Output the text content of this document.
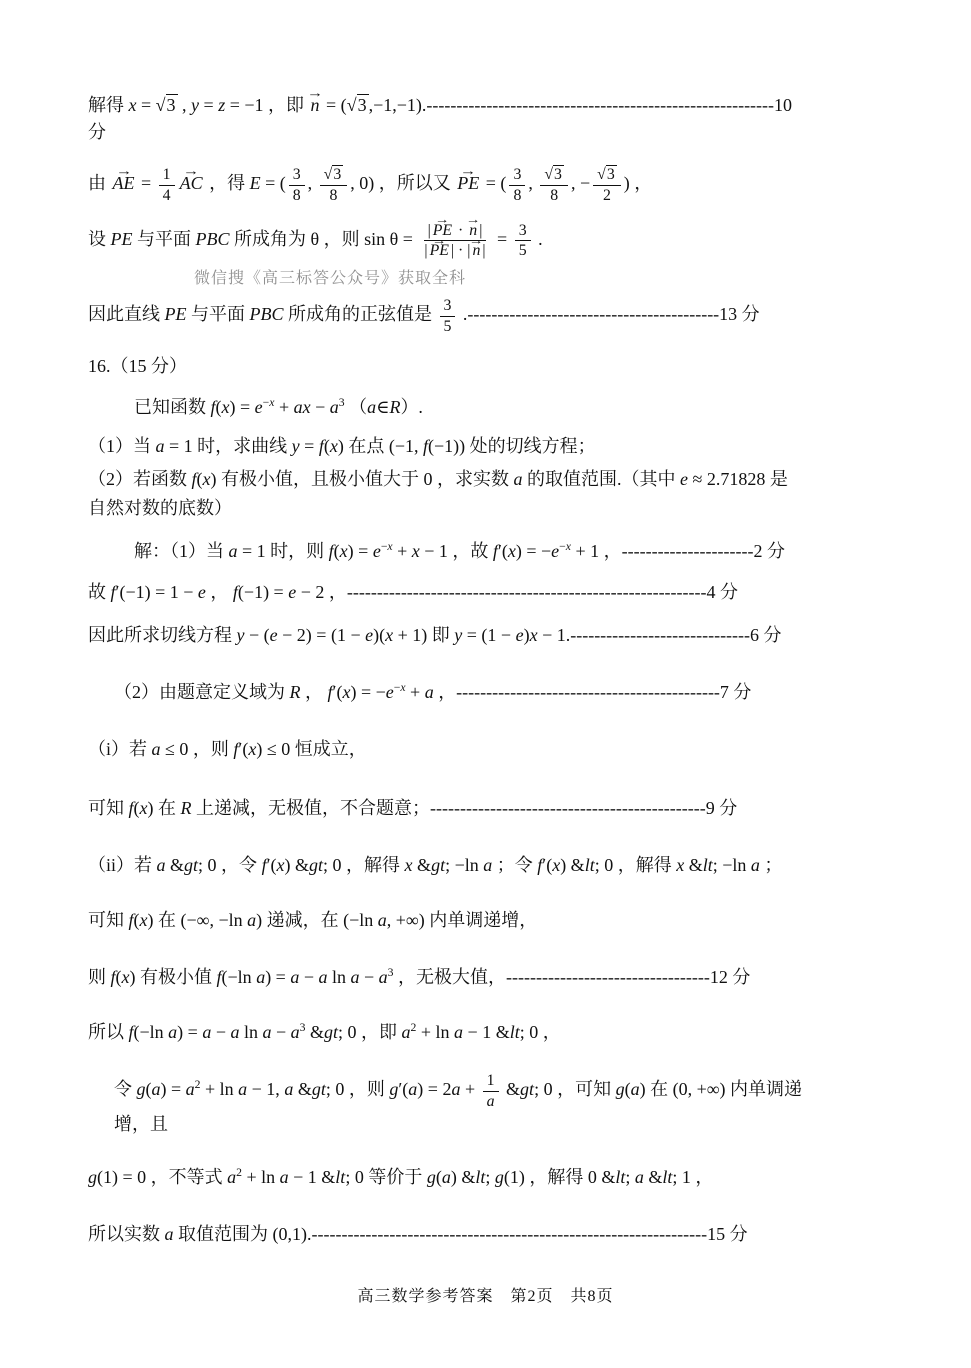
解得 x = √3 , y = z = −1 ，即 → n = (√3 ,−1,−1).----------------------------------------------------------10 分
由 → AE = $\frac{1}{4}$ → AC ，得 E = ( $\frac{3}{8}$ , $\frac{√3}{8}$ , 0) ，所以又 → PE = ( $\frac{3}{8}$ , $\frac{√3}{8}$ , − $\frac{√3}{2}$ ) ，
设 PE 与平面 PBC 所成角为 θ ，则 $\sin \theta = \frac{| \to PE \cdot \to n |}{| \to PE | \cdot | \to n |} = \frac{3}{5}$ .
微信搜《高三标答公众号》获取全科
因此直线 PE 与平面 PBC 所成角的正弦值是 $\frac{3}{5} .------------------------------------------13$ 分
16.（15 分）
已知函数 $f(x) = e^{-x}$ + ax − $a^3$ （a∈R）.
（1）当 a = 1 时，求曲线 y = f(x) 在点 (−1, f(−1)) 处的切线方程；
（2）若函数 f(x) 有极小值，且极小值大于 0 ，求实数 a 的取值范围.（其中 e ≈ 2.71828 是
自然对数的底数）
解：（1）当 a = 1 时，则 $f(x) = e^{-x} + x - 1$ ，故 $f'(x) = -e^{-x} + 1$ ，----------------------2 分
故 f′(−1) = 1 − e ， f(−1) = e − 2 ，------------------------------------------------------------4 分
因此所求切线方程 y − (e − 2) = (1 − e)(x + 1) 即 y = (1 − e)x − 1.------------------------------6 分
（2）由题意定义域为 R ， $f'(x) = -e^{-x} + a$ ，--------------------------------------------7 分
（i）若 a ≤ 0 ，则 f′(x) ≤ 0 恒成立，
可知 f(x) 在 R 上递减，无极值，不合题意；----------------------------------------------9 分
（ii）若 a &gt; 0 ，令 f′(x) &gt; 0 ，解得 x &gt; −ln a ；令 f′(x) &lt; 0 ，解得 x &lt; −ln a ；
可知 f(x) 在 (−∞, −ln a) 递减，在 (−ln a, +∞) 内单调递增，
则 f(x) 有极小值 f(−ln a) = a − a $\ln a - a^3$ ，无极大值，----------------------------------12 分
所以 f(−ln a) = a − a $\ln a - a^3$ &gt; 0 ，即 $a^2 + \ln a - 1$ &lt; 0 ，
令 $g(a) = a^2 + \ln a - 1$, a &gt; 0 ，则 $g'(a) = 2a + \frac{1}{a}$ &gt; 0 ，可知 g(a) 在 (0, +∞) 内单调递增，且
g(1) = 0 ，不等式 $a^2 + \ln a - 1$ &lt; 0 等价于 g(a) &lt; g(1) ，解得 0 &lt; a &lt; 1 ，
所以实数 a 取值范围为 (0,1).------------------------------------------------------------------15 分
高三数学参考答案　第2页　共8页
